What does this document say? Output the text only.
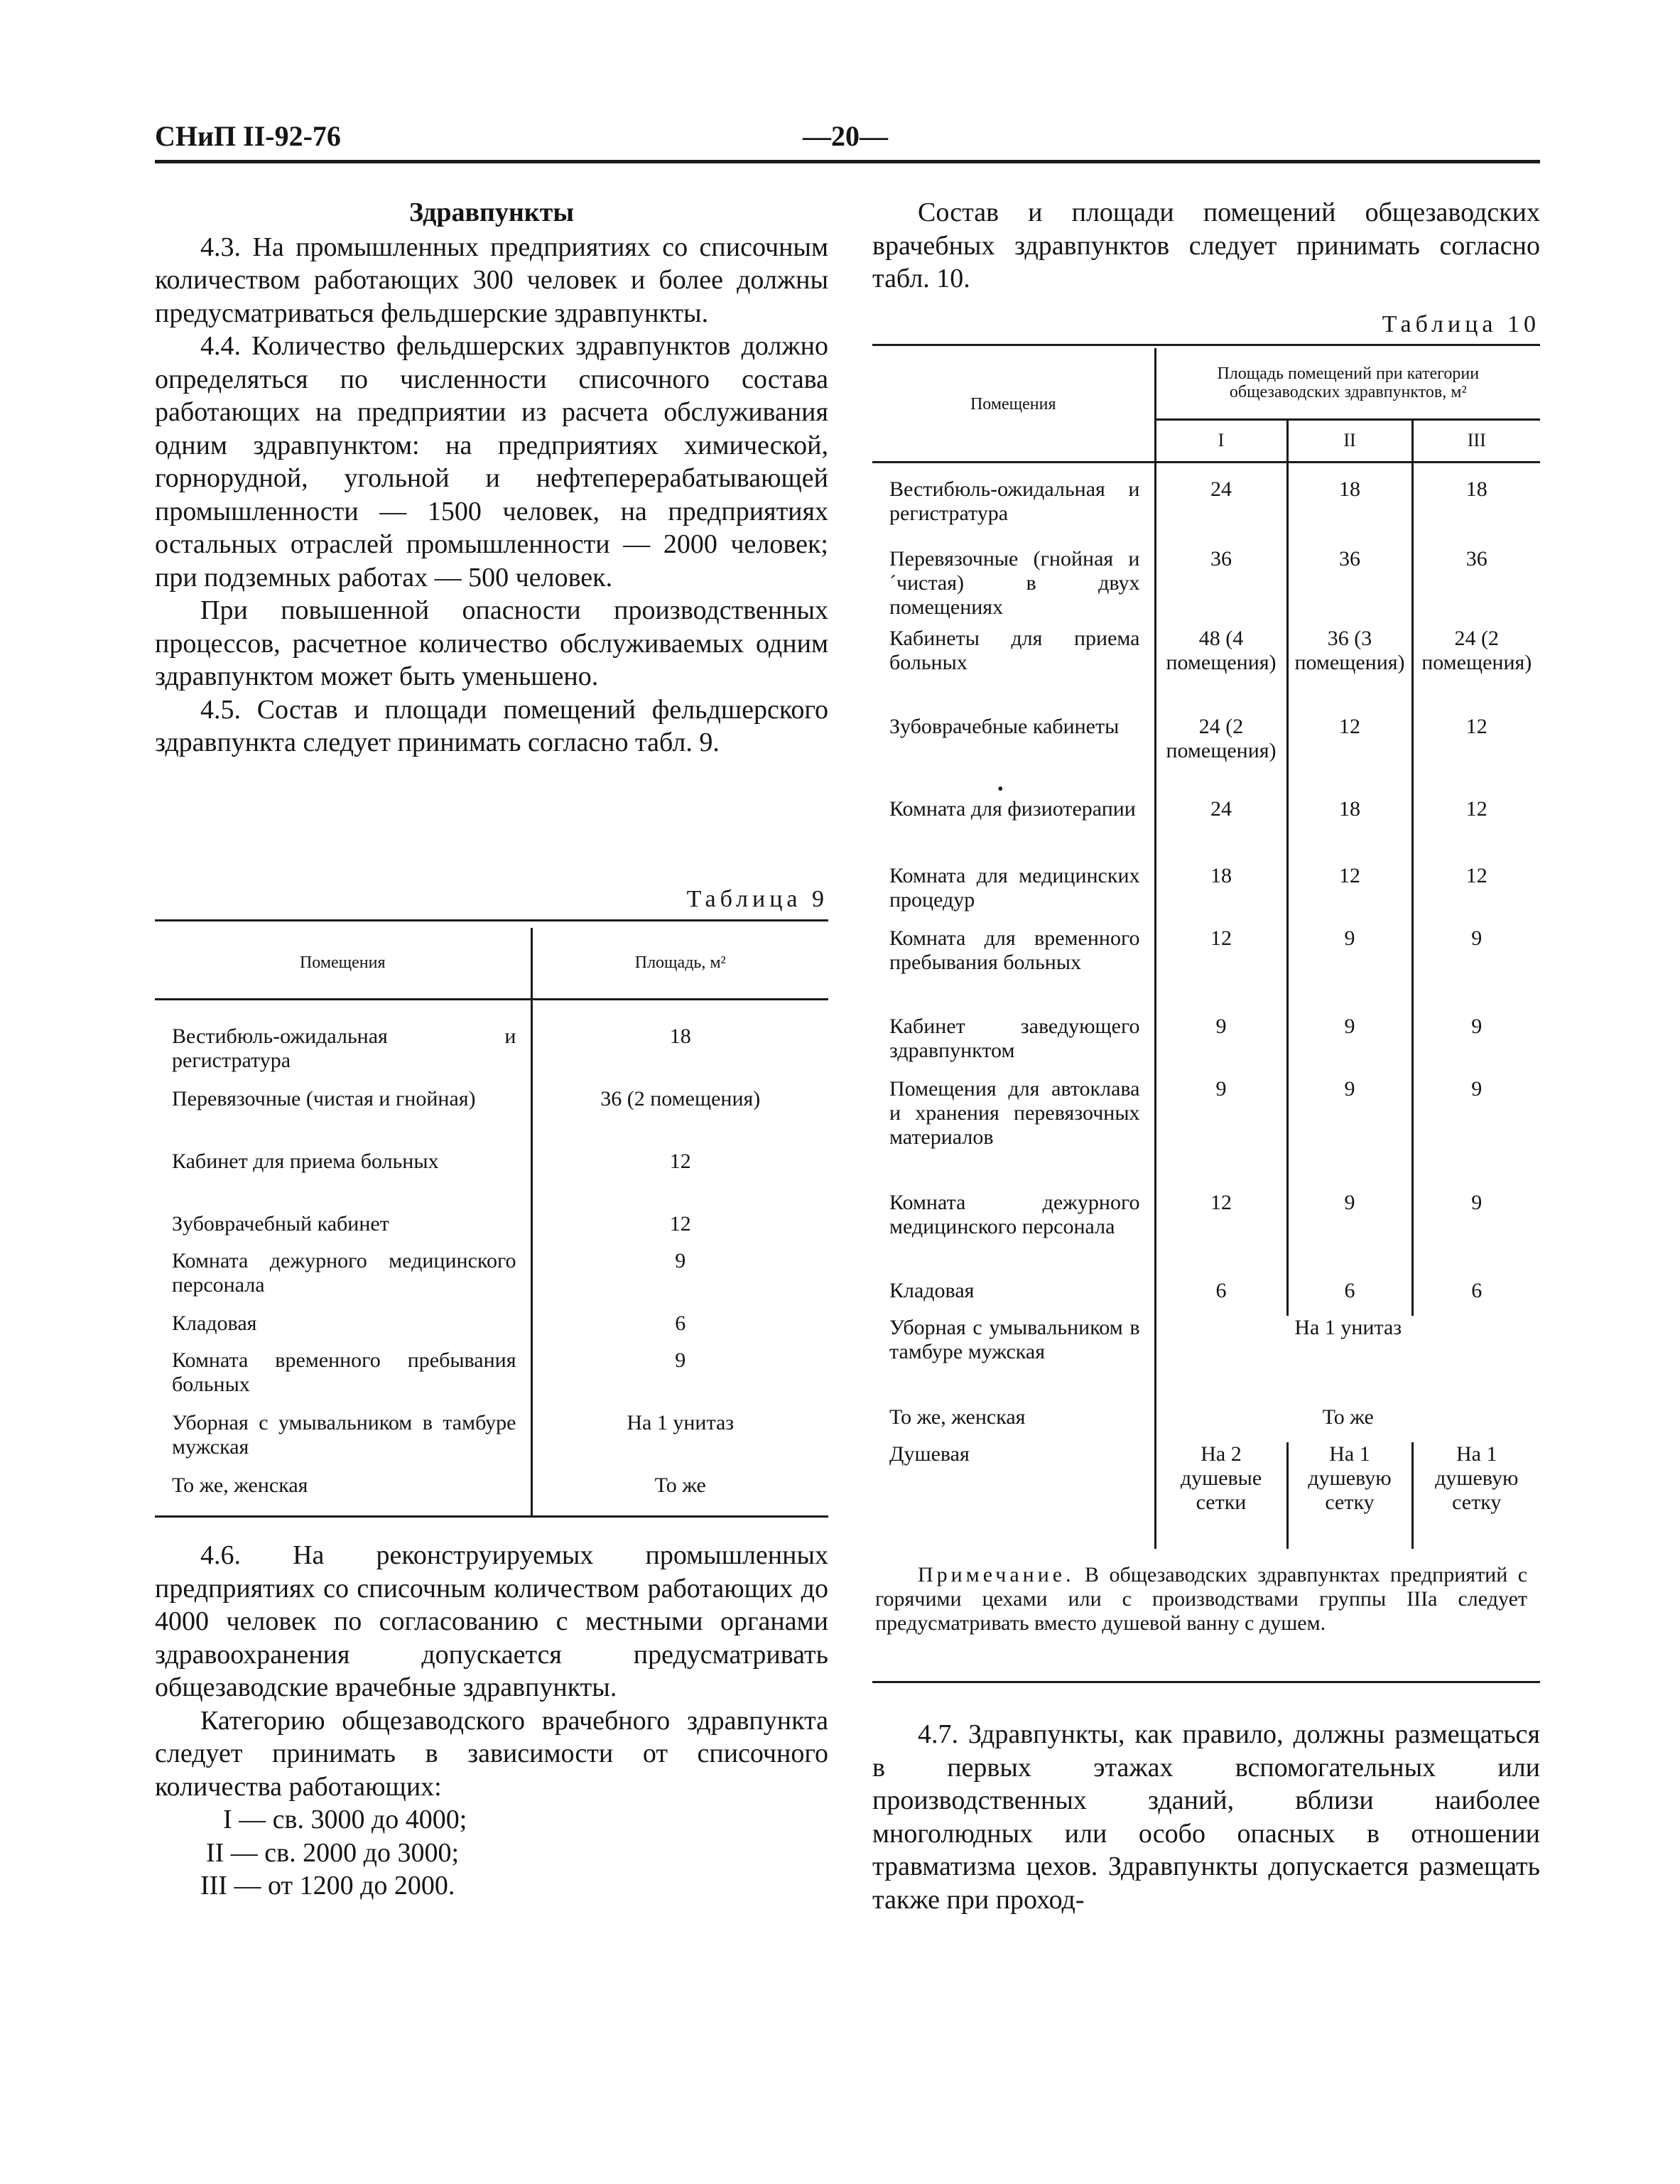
СНиП II-92-76	—20—

Здравпункты

4.3. На промышленных предприятиях со списочным количеством работающих 300 человек и более должны предусматриваться фельдшерские здравпункты.

4.4. Количество фельдшерских здравпунктов должно определяться по численности списочного состава работающих на предприятии из расчета обслуживания одним здравпунктом: на предприятиях химической, горнорудной, угольной и нефтеперерабатывающей промышленности — 1500 человек, на предприятиях остальных отраслей промышленности — 2000 человек; при подземных работах — 500 человек.

При повышенной опасности производственных процессов, расчетное количество обслуживаемых одним здравпунктом может быть уменьшено.

4.5. Состав и площади помещений фельдшерского здравпункта следует принимать согласно табл. 9.

Таблица 9
Помещения	Площадь, м²

Вестибюль-ожидальная и регистратура	18
Перевязочные (чистая и гнойная)	36 (2 помещения)
Кабинет для приема больных	12
Зубоврачебный кабинет	12
Комната дежурного медицинского персонала	9
Кладовая	6
Комната временного пребывания больных	9
Уборная с умывальником в тамбуре мужская	На 1 унитаз
То же, женская	То же

4.6. На реконструируемых промышленных предприятиях со списочным количеством работающих до 4000 человек по согласованию с местными органами здравоохранения допускается предусматривать общезаводские врачебные здравпункты.

Категорию общезаводского врачебного здравпункта следует принимать в зависимости от списочного количества работающих:

I — св. 3000 до 4000;

II — св. 2000 до 3000;

III — от 1200 до 2000.

Состав и площади помещений общезаводских врачебных здравпунктов следует принимать согласно табл. 10.

Таблица 10
Помещения	Площадь помещений при категории общезаводских здравпунктов, м²		
	I	II	III

Вестибюль-ожидальная и регистратура	24	18	18
Перевязочные (гнойная и´чистая) в двух помещениях	36	36	36
Кабинеты для приема больных	48 (4 помещения)	36 (3 помещения)	24 (2 помещения)
Зубоврачебные кабинеты	24 (2 помещения)	12	12

•
Комната для физиотерапии	24	18	12
Комната для медицинских процедур	18	12	12
Комната для временного пребывания больных	12	9	9
Кабинет заведующего здравпунктом	9	9	9
Помещения для автоклава и хранения перевязочных материалов	9	9	9
Комната дежурного медицинского персонала	12	9	9
Кладовая	6	6	6
Уборная с умывальником в тамбуре мужская	На 1 унитаз		
То же, женская	То же		
Душевая	На 2 душевые сетки	На 1 душевую сетку	На 1 душевую сетку
Примечание. В общезаводских здравпунктах предприятий с горячими цехами или с производствами группы IIIа следует предусматривать вместо душевой ванну с душем.

4.7. Здравпункты, как правило, должны размещаться в первых этажах вспомогательных или производственных зданий, вблизи наиболее многолюдных или особо опасных в отношении травматизма цехов. Здравпункты допускается размещать также при проход-
